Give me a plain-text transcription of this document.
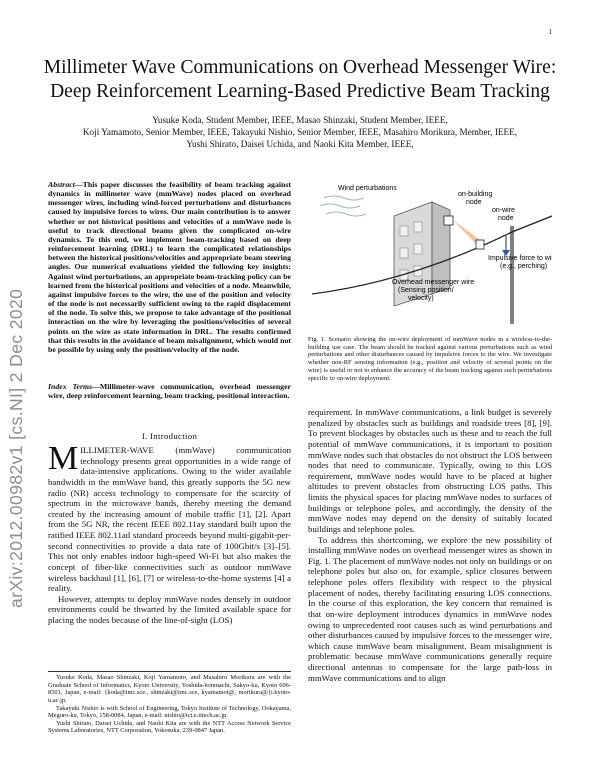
1
arXiv:2012.00982v1 [cs.NI] 2 Dec 2020
Millimeter Wave Communications on Overhead Messenger Wire:
Deep Reinforcement Learning-Based Predictive Beam Tracking
Yusuke Koda, Student Member, IEEE, Masao Shinzaki, Student Member, IEEE,
Koji Yamamoto, Senior Member, IEEE, Takayuki Nishio, Senior Member, IEEE, Masahiro Morikura, Member, IEEE,
Yushi Shirato, Daisei Uchida, and Naoki Kita Member, IEEE,
Abstract—This paper discusses the feasibility of beam tracking against dynamics in millimeter wave (mmWave) nodes placed on overhead messenger wires, including wind-forced perturbations and disturbances caused by impulsive forces to wires. Our main contribution is to answer whether or not historical positions and velocities of a mmWave node is useful to track directional beams given the complicated on-wire dynamics. To this end, we implement beam-tracking based on deep reinforcement learning (DRL) to learn the complicated relationships between the historical positions/velocities and appropriate beam steering angles. Our numerical evaluations yielded the following key insights: Against wind perturbations, an appropriate beam-tracking policy can be learned from the historical positions and velocities of a node. Meanwhile, against impulsive forces to the wire, the use of the position and velocity of the node is not necessarily sufficient owing to the rapid displacement of the node. To solve this, we propose to take advantage of the positional interaction on the wire by leveraging the positions/velocities of several points on the wire as state information in DRL. The results confirmed that this results in the avoidance of beam misalignment, which would not be possible by using only the position/velocity of the node.
Index Terms—Millimeter-wave communication, overhead messenger wire, deep reinforcement learning, beam tracking, positional interaction.
I. Introduction

MILLIMETER-WAVE (mmWave) communication technology presents great opportunities in a wide range of data-intensive applications. Owing to the wider available bandwidth in the mmWave band, this greatly supports the 5G new radio (NR) access technology to compensate for the scarcity of spectrum in the microwave bands, thereby meeting the demand created by the increasing amount of mobile traffic [1], [2]. Apart from the 5G NR, the recent IEEE 802.11ay standard built upon the ratified IEEE 802.11ad standard proceeds beyond multi-gigabit-per-second connectivities to provide a data rate of 100Gbit/s [3]–[5]. This not only enables indoor high-speed Wi-Fi but also makes the concept of fiber-like connectivities such as outdoor mmWave wireless backhaul [1], [6], [7] or wireless-to-the-home systems [4] a reality.

However, attempts to deploy mmWave nodes densely in outdoor environments could be thwarted by the limited available space for placing the nodes because of the line-of-sight (LOS)

Yusuke Koda, Masao Shinzaki, Koji Yamamoto, and Masahiro Morikura are with the Graduate School of Informatics, Kyoto University, Yoshida-honmachi, Sakyo-ku, Kyoto 606-8501, Japan, e-mail: {koda@imc.sce., shinzaki@imc.sce, kyamamot@, morikura@}i.kyoto-u.ac.jp.

Takayuki Nishio is with School of Engineering, Tokyo Institute of Technology, Ookayama, Meguro-ku, Tokyo, 158-0084, Japan, e-mail: nishio@ict.e.titech.ac.jp.

Yushi Shirato, Daisei Uchida, and Naoki Kita are with the NTT Access Network Service Systems Laboratories, NTT Corporation, Yokosuka, 239-0847 Japan.

Wind perturbations
on-building node
on-wire node
Impulsive force to wire (e.g., perching)
Overhead messenger wire (Sensing position/ velocity)
Fig. 1. Scenario showing the on-wire deployment of mmWave nodes in a wireless-to-the-building use case. The beam should be tracked against various perturbations such as wind perturbations and other disturbances caused by impulsive forces to the wire. We investigate whether non-RF sensing information (e.g., position and velocity of several points on the wire) is useful or not to enhance the accuracy of the beam tracking against such perturbations specific to on-wire deployment.

requirement. In mmWave communications, a link budget is severely penalized by obstacles such as buildings and roadside trees [8], [9]. To prevent blockages by obstacles such as these and to reach the full potential of mmWave communications, it is important to position mmWave nodes such that obstacles do not obstruct the LOS between nodes that need to communicate. Typically, owing to this LOS requirement, mmWave nodes would have to be placed at higher altitudes to prevent obstacles from obstructing LOS paths. This limits the physical spaces for placing mmWave nodes to surfaces of buildings or telephone poles, and accordingly, the density of the mmWave nodes may depend on the density of suitably located buildings and telephone poles.

To address this shortcoming, we explore the new possibility of installing mmWave nodes on overhead messenger wires as shown in Fig. 1. The placement of mmWave nodes not only on buildings or on telephone poles but also on, for example, splice closures between telephone poles offers flexibility with respect to the physical placement of nodes, thereby facilitating ensuring LOS connections. In the course of this exploration, the key concern that remained is that on-wire deployment introduces dynamics in mmWave nodes owing to unprecedented root causes such as wind perturbations and other disturbances caused by impulsive forces to the messenger wire, which cause mmWave beam misalignment. Beam misalignment is problematic because mmWave communications generally require directional antennas to compensate for the large path-loss in mmWave communications and to align
